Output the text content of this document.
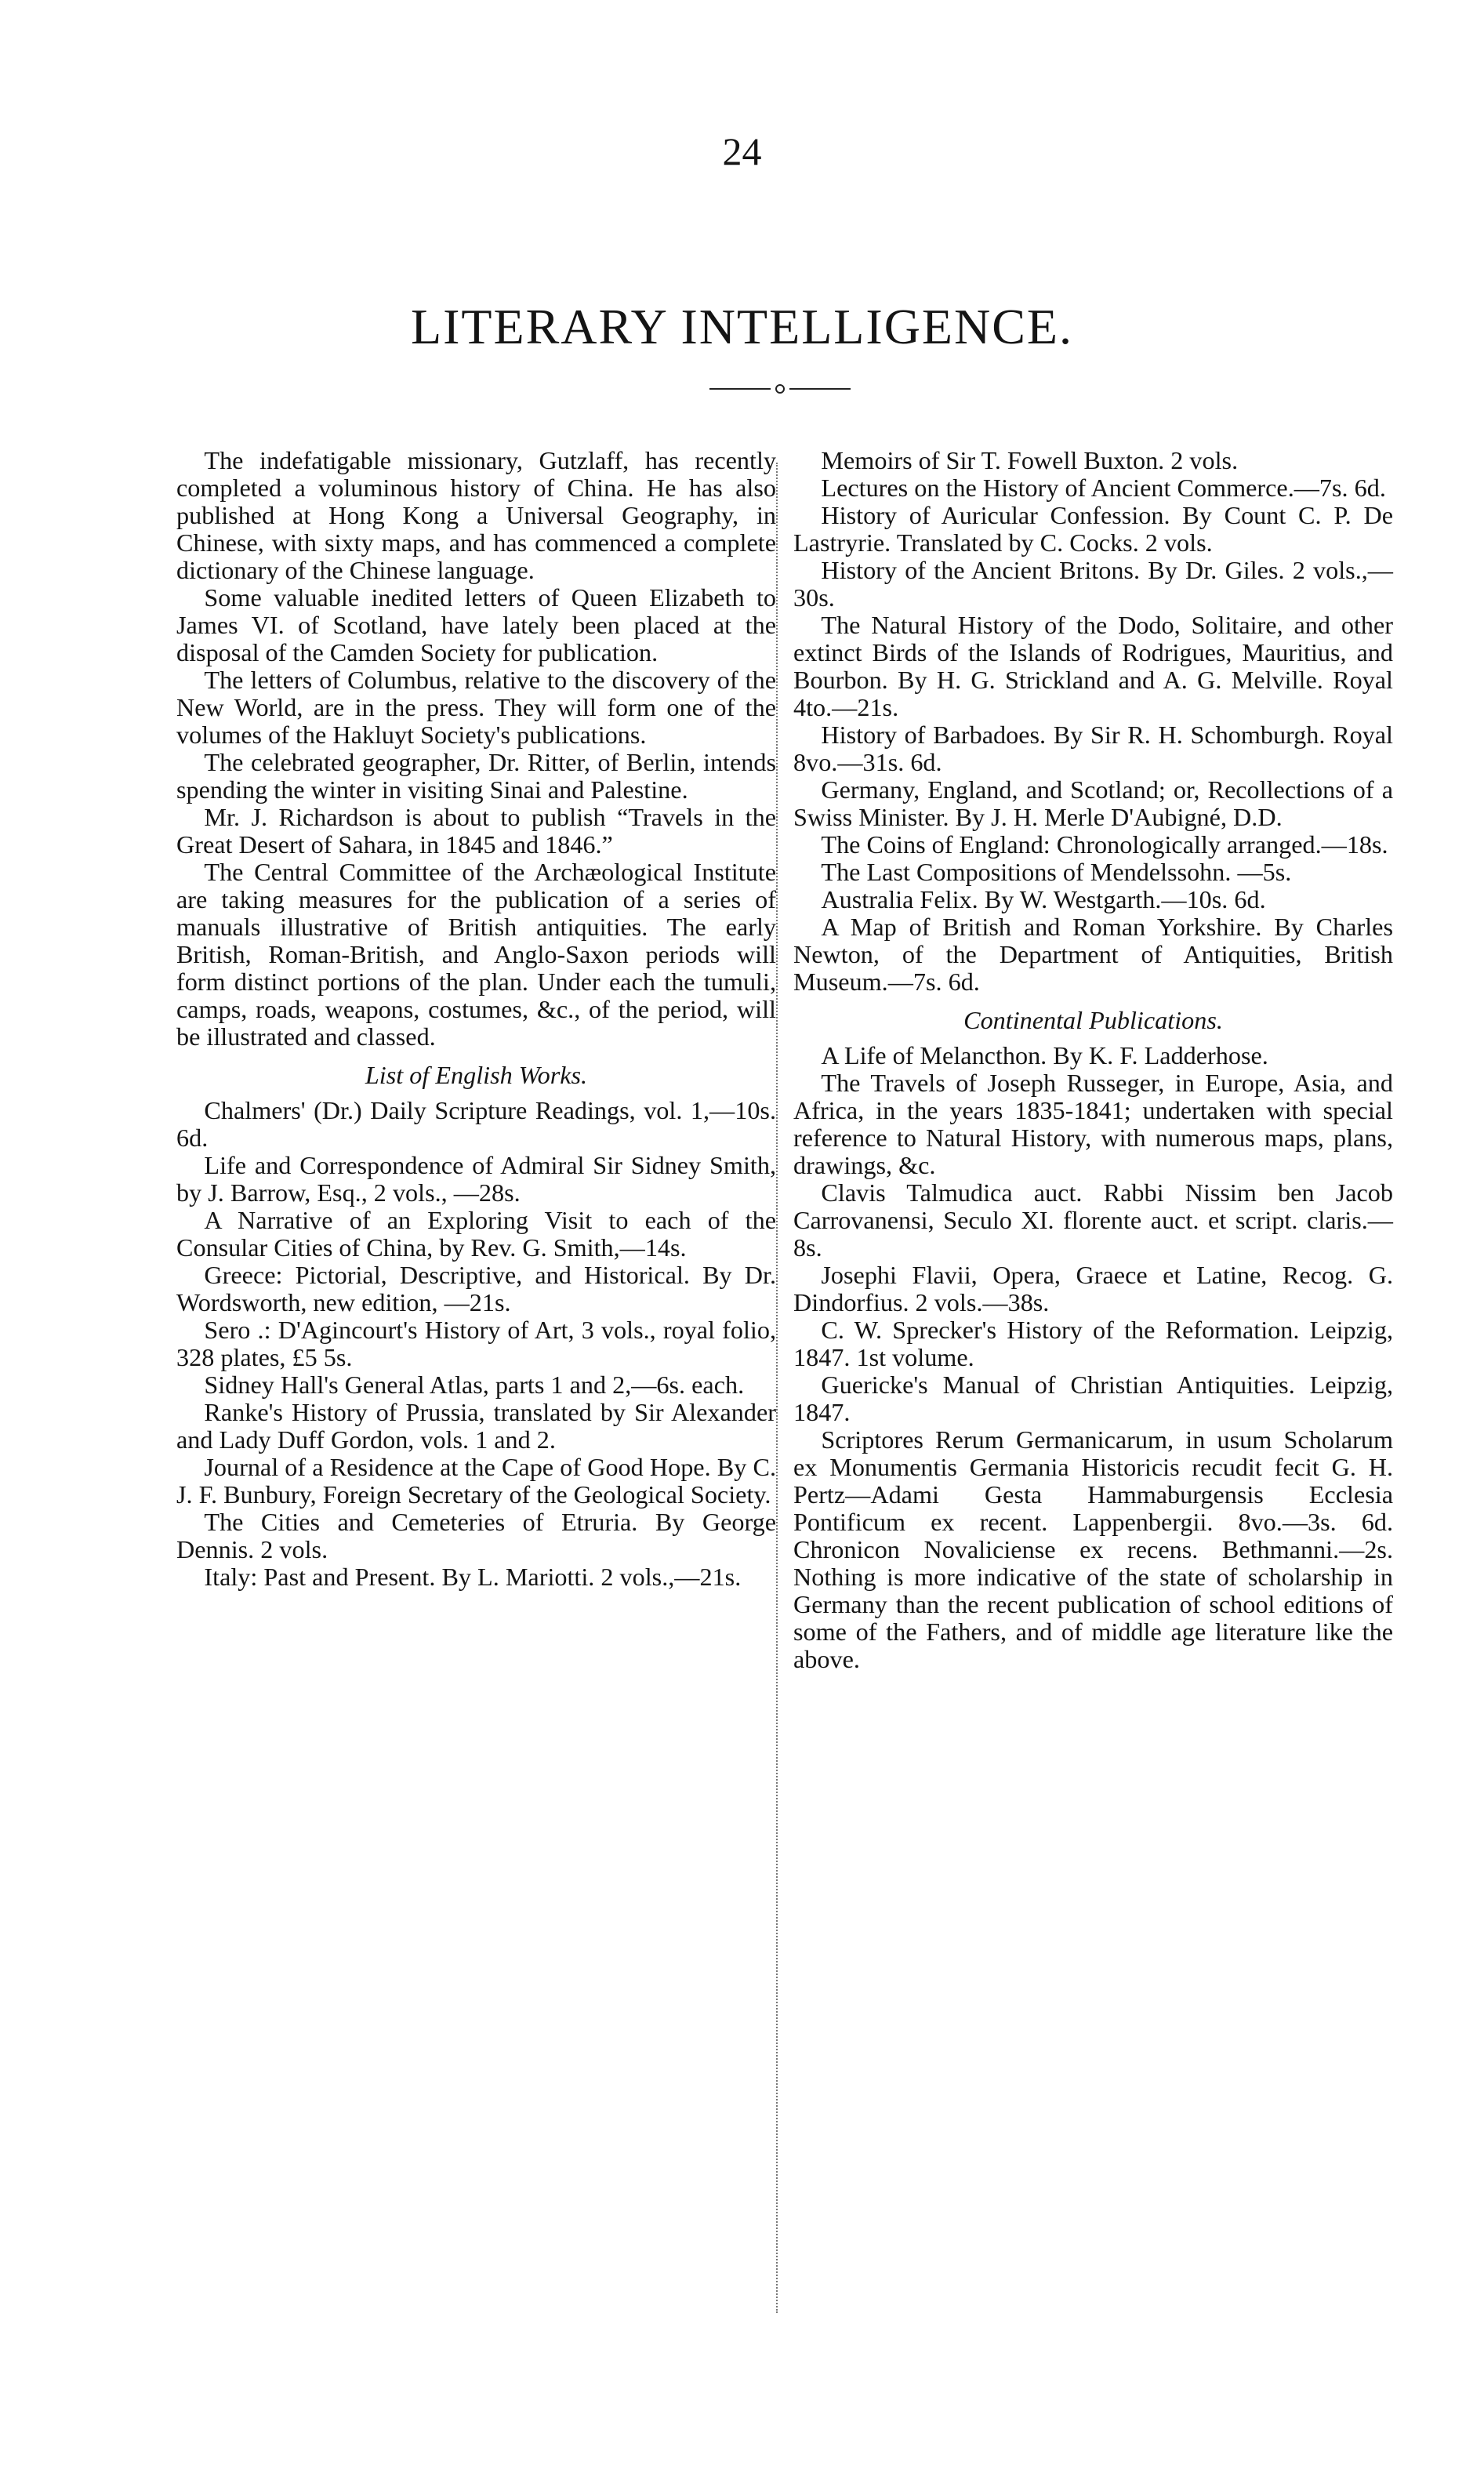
24
LITERARY INTELLIGENCE.

The indefatigable missionary, Gutzlaff, has recently completed a voluminous history of China. He has also published at Hong Kong a Universal Geography, in Chinese, with sixty maps, and has commenced a complete dictionary of the Chinese language.

Some valuable inedited letters of Queen Elizabeth to James VI. of Scotland, have lately been placed at the disposal of the Camden Society for publication.

The letters of Columbus, relative to the discovery of the New World, are in the press. They will form one of the volumes of the Hakluyt Society's publications.

The celebrated geographer, Dr. Ritter, of Berlin, intends spending the winter in visiting Sinai and Palestine.

Mr. J. Richardson is about to publish “Travels in the Great Desert of Sahara, in 1845 and 1846.”

The Central Committee of the Archæological Institute are taking measures for the publication of a series of manuals illustrative of British antiquities. The early British, Roman-British, and Anglo-Saxon periods will form distinct portions of the plan. Under each the tumuli, camps, roads, weapons, costumes, &c., of the period, will be illustrated and classed.

List of English Works.

Chalmers' (Dr.) Daily Scripture Readings, vol. 1,—10s. 6d.

Life and Correspondence of Admiral Sir Sidney Smith, by J. Barrow, Esq., 2 vols., —28s.

A Narrative of an Exploring Visit to each of the Consular Cities of China, by Rev. G. Smith,—14s.

Greece: Pictorial, Descriptive, and Historical. By Dr. Wordsworth, new edition, —21s.

Sero .: D'Agincourt's History of Art, 3 vols., royal folio, 328 plates, £5 5s.

Sidney Hall's General Atlas, parts 1 and 2,—6s. each.

Ranke's History of Prussia, translated by Sir Alexander and Lady Duff Gordon, vols. 1 and 2.

Journal of a Residence at the Cape of Good Hope. By C. J. F. Bunbury, Foreign Secretary of the Geological Society.

The Cities and Cemeteries of Etruria. By George Dennis. 2 vols.

Italy: Past and Present. By L. Mariotti. 2 vols.,—21s.

Memoirs of Sir T. Fowell Buxton. 2 vols.

Lectures on the History of Ancient Commerce.—7s. 6d.

History of Auricular Confession. By Count C. P. De Lastryrie. Translated by C. Cocks. 2 vols.

History of the Ancient Britons. By Dr. Giles. 2 vols.,—30s.

The Natural History of the Dodo, Solitaire, and other extinct Birds of the Islands of Rodrigues, Mauritius, and Bourbon. By H. G. Strickland and A. G. Melville. Royal 4to.—21s.

History of Barbadoes. By Sir R. H. Schomburgh. Royal 8vo.—31s. 6d.

Germany, England, and Scotland; or, Recollections of a Swiss Minister. By J. H. Merle D'Aubigné, D.D.

The Coins of England: Chronologically arranged.—18s.

The Last Compositions of Mendelssohn. —5s.

Australia Felix. By W. Westgarth.—10s. 6d.

A Map of British and Roman Yorkshire. By Charles Newton, of the Department of Antiquities, British Museum.—7s. 6d.

Continental Publications.

A Life of Melancthon. By K. F. Ladderhose.

The Travels of Joseph Russeger, in Europe, Asia, and Africa, in the years 1835-1841; undertaken with special reference to Natural History, with numerous maps, plans, drawings, &c.

Clavis Talmudica auct. Rabbi Nissim ben Jacob Carrovanensi, Seculo XI. florente auct. et script. claris.—8s.

Josephi Flavii, Opera, Graece et Latine, Recog. G. Dindorfius. 2 vols.—38s.

C. W. Sprecker's History of the Reformation. Leipzig, 1847. 1st volume.

Guericke's Manual of Christian Antiquities. Leipzig, 1847.

Scriptores Rerum Germanicarum, in usum Scholarum ex Monumentis Germania Historicis recudit fecit G. H. Pertz—Adami Gesta Hammaburgensis Ecclesia Pontificum ex recent. Lappenbergii. 8vo.—3s. 6d. Chronicon Novaliciense ex recens. Bethmanni.—2s. Nothing is more indicative of the state of scholarship in Germany than the recent publication of school editions of some of the Fathers, and of middle age literature like the above.
